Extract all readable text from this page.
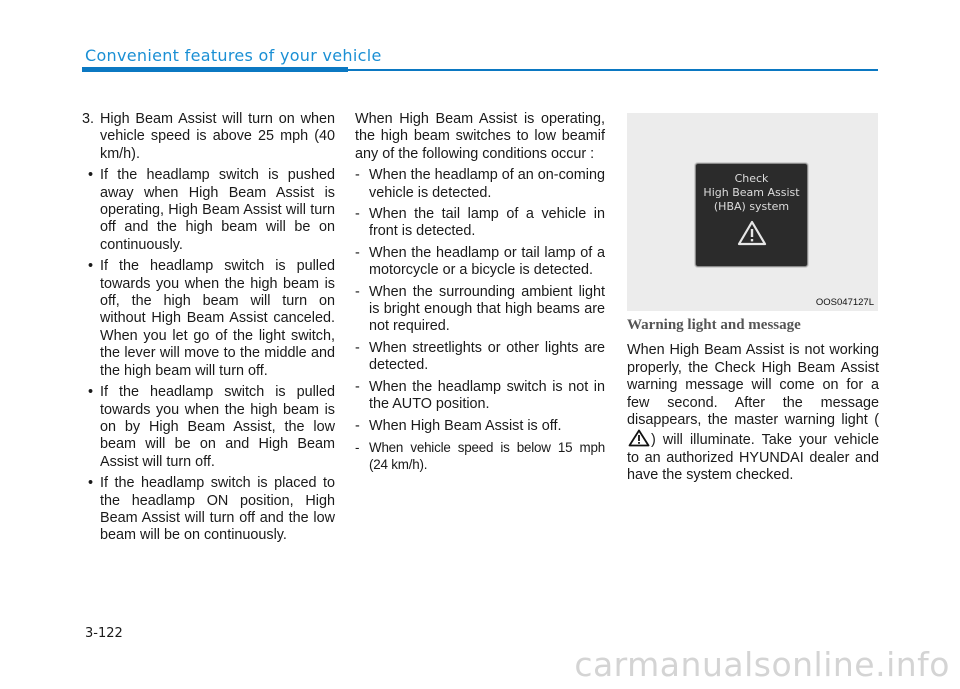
Convenient features of your vehicle
3. High Beam Assist will turn on when vehicle speed is above 25 mph (40 km/h).
• If the headlamp switch is pushed away when High Beam Assist is operating, High Beam Assist will turn off and the high beam will be on continuously.
• If the headlamp switch is pulled towards you when the high beam is off, the high beam will turn on without High Beam Assist canceled. When you let go of the light switch, the lever will move to the middle and the high beam will turn off.
• If the headlamp switch is pulled towards you when the high beam is on by High Beam Assist, the low beam will be on and High Beam Assist will turn off.
• If the headlamp switch is placed to the headlamp ON position, High Beam Assist will turn off and the low beam will be on continuously.
When High Beam Assist is operating, the high beam switches to low beamif any of the following conditions occur :
- When the headlamp of an on-coming vehicle is detected.
- When the tail lamp of a vehicle in front is detected.
- When the headlamp or tail lamp of a motorcycle or a bicycle is detected.
- When the surrounding ambient light is bright enough that high beams are not required.
- When streetlights or other lights are detected.
- When the headlamp switch is not in the AUTO position.
- When High Beam Assist is off.
- When vehicle speed is below 15 mph (24 km/h).
Check
High Beam Assist
(HBA) system
OOS047127L
Warning light and message
When High Beam Assist is not working properly, the Check High Beam Assist warning message will come on for a few second. After the message disappears, the master warning light () will illuminate. Take your vehicle to an authorized HYUNDAI dealer and have the system checked.
3-122
carmanualsonline.info
